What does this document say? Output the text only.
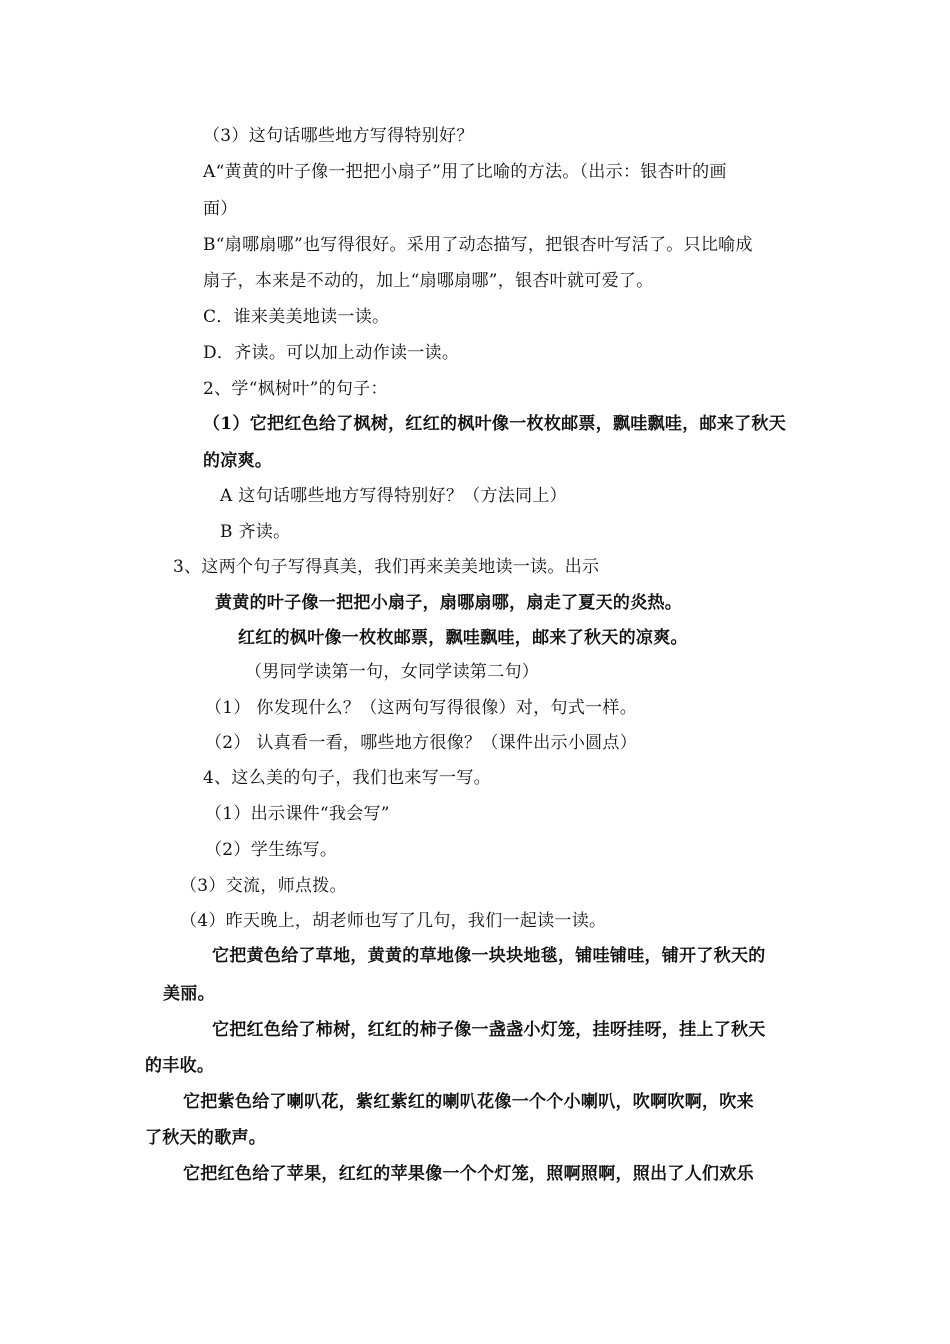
（3）这句话哪些地方写得特别好？
A“黄黄的叶子像一把把小扇子”用了比喻的方法。（出示：银杏叶的画
面）
B“扇哪扇哪”也写得很好。采用了动态描写，把银杏叶写活了。只比喻成
扇子，本来是不动的，加上“扇哪扇哪”，银杏叶就可爱了。
C．谁来美美地读一读。
D．齐读。可以加上动作读一读。
2、学“枫树叶”的句子：
（1）它把红色给了枫树，红红的枫叶像一枚枚邮票，飘哇飘哇，邮来了秋天
的凉爽。
A 这句话哪些地方写得特别好？（方法同上）
B 齐读。
3、这两个句子写得真美，我们再来美美地读一读。出示
黄黄的叶子像一把把小扇子，扇哪扇哪，扇走了夏天的炎热。
红红的枫叶像一枚枚邮票，飘哇飘哇，邮来了秋天的凉爽。
（男同学读第一句，女同学读第二句）
（1） 你发现什么？（这两句写得很像）对，句式一样。
（2） 认真看一看，哪些地方很像？（课件出示小圆点）
4、这么美的句子，我们也来写一写。
（1）出示课件“我会写”
（2）学生练写。
（3）交流，师点拨。
（4）昨天晚上，胡老师也写了几句，我们一起读一读。
它把黄色给了草地，黄黄的草地像一块块地毯，铺哇铺哇，铺开了秋天的
美丽。
它把红色给了柿树，红红的柿子像一盏盏小灯笼，挂呀挂呀，挂上了秋天
的丰收。
它把紫色给了喇叭花，紫红紫红的喇叭花像一个个小喇叭，吹啊吹啊，吹来
了秋天的歌声。
它把红色给了苹果，红红的苹果像一个个灯笼，照啊照啊，照出了人们欢乐
